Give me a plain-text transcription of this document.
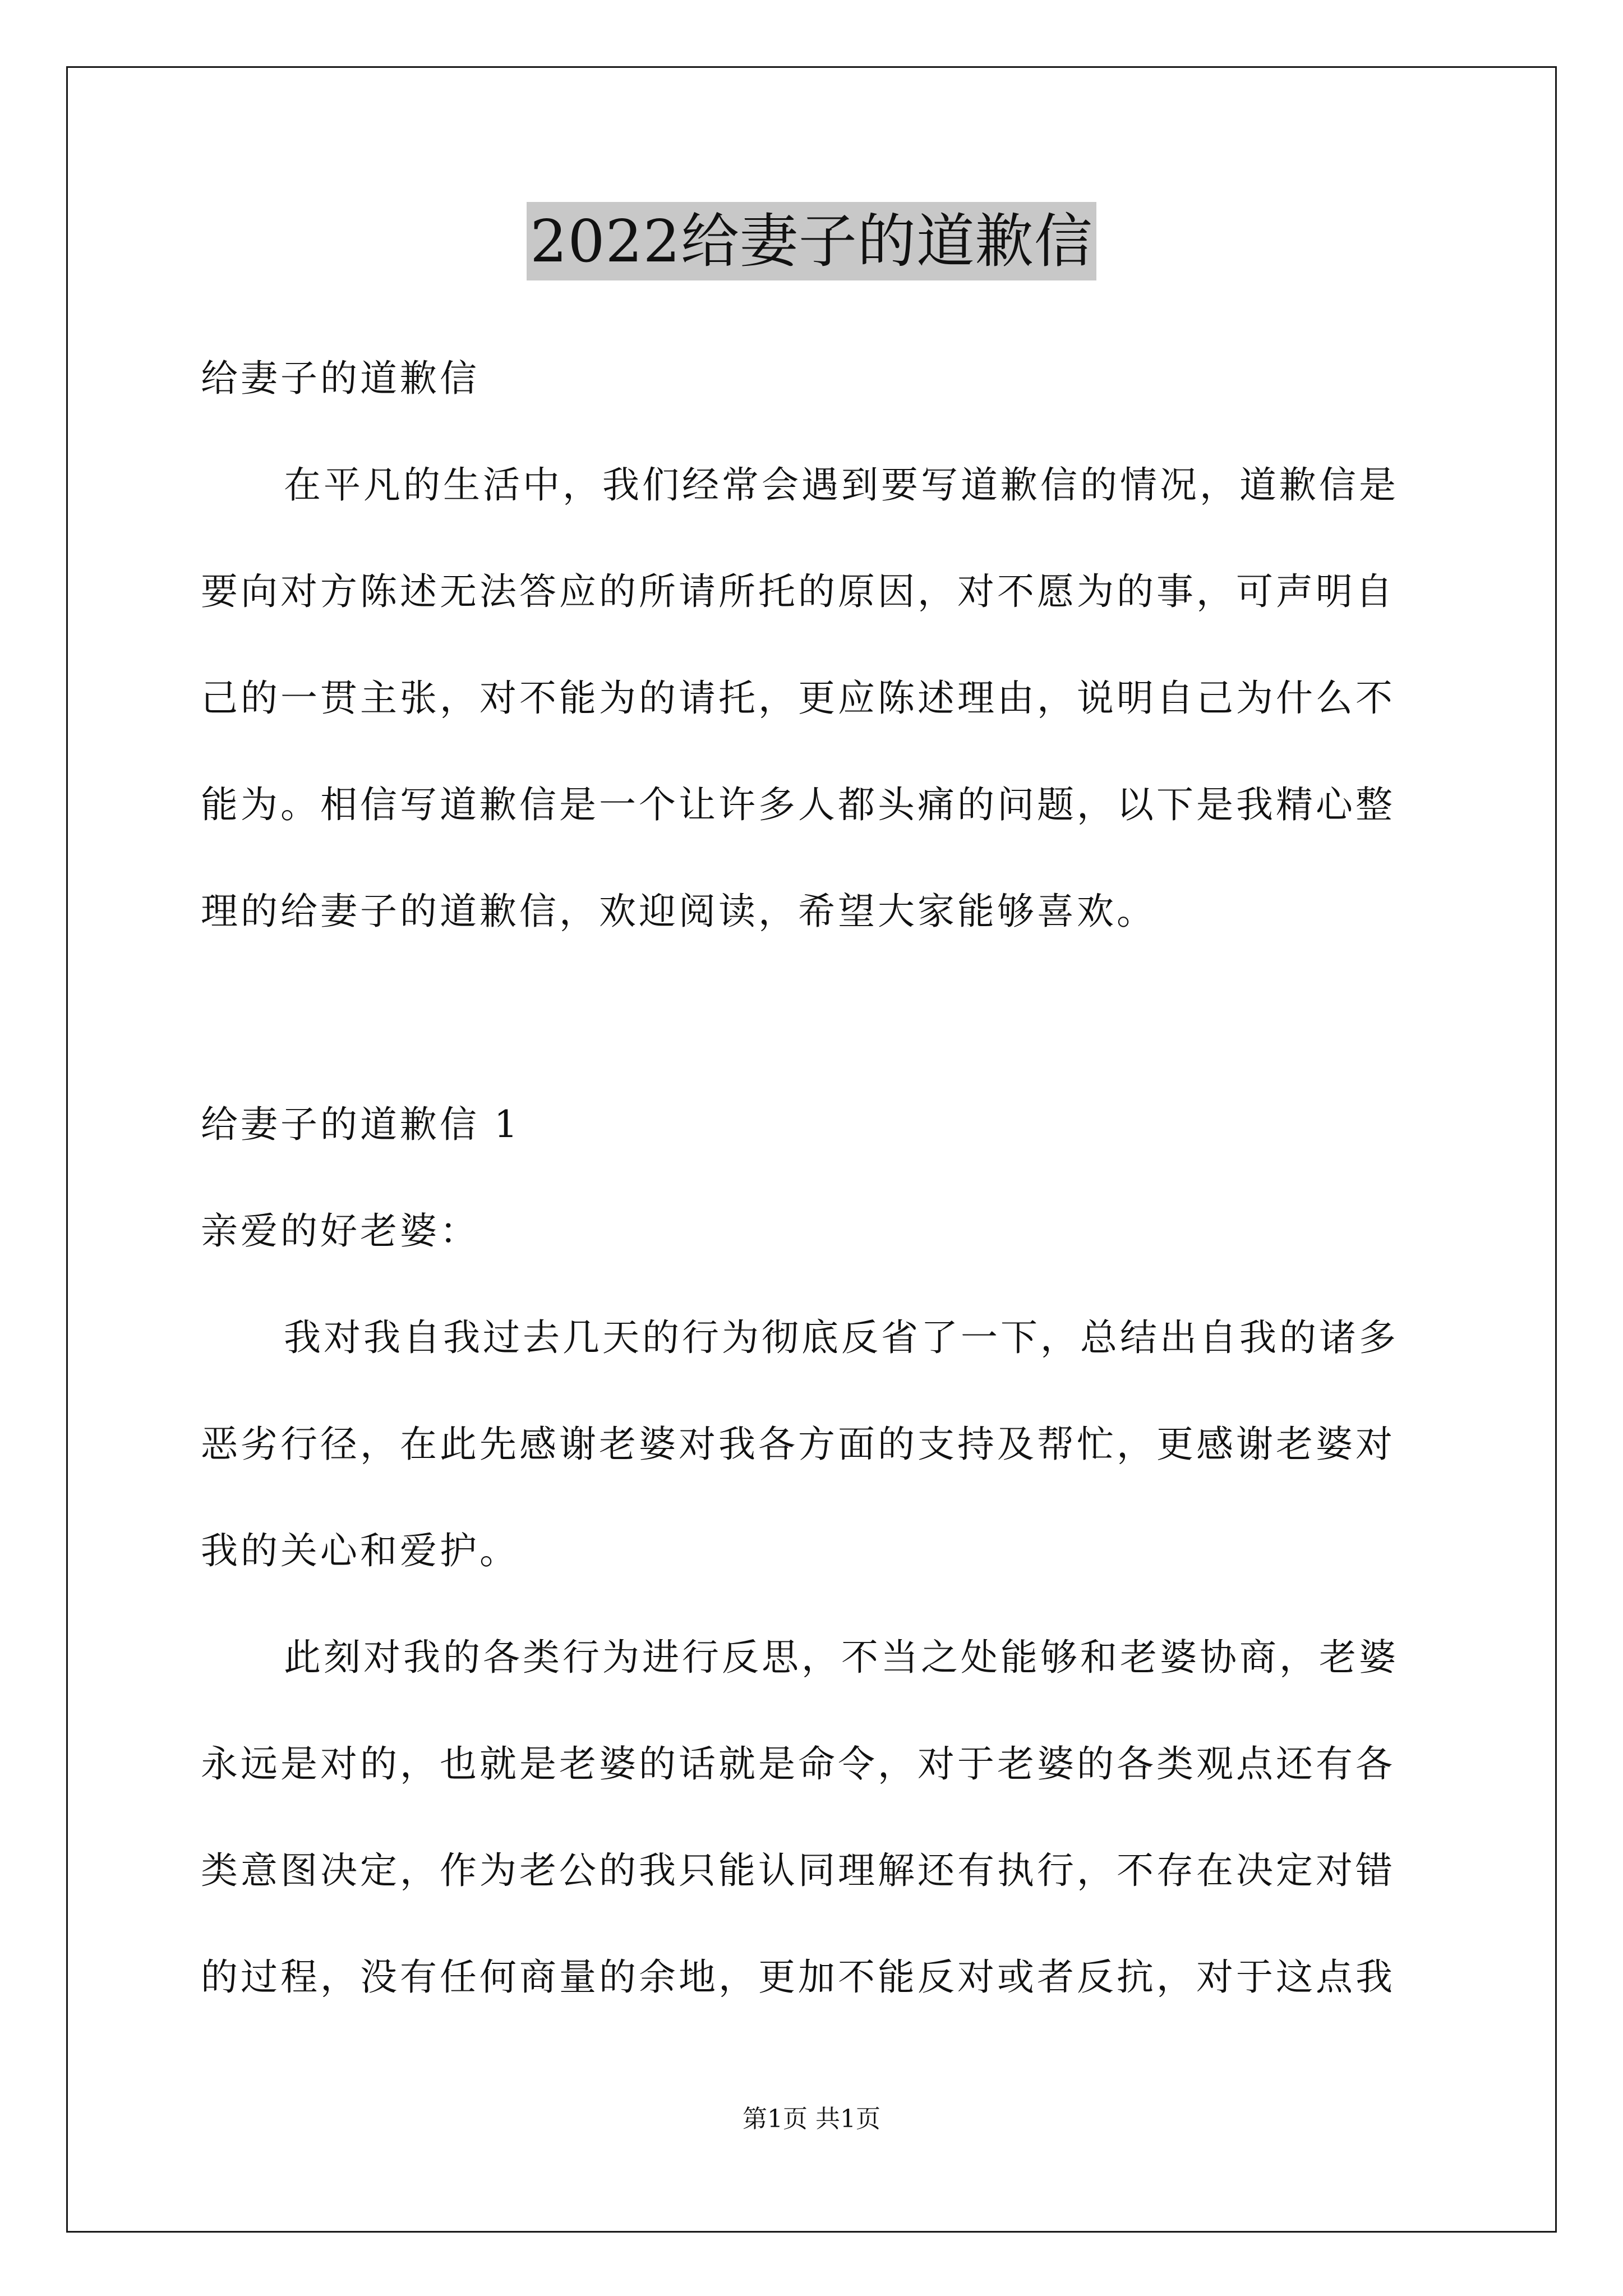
2022给妻子的道歉信
给妻子的道歉信
在平凡的生活中，我们经常会遇到要写道歉信的情况，道歉信是
要向对方陈述无法答应的所请所托的原因，对不愿为的事，可声明自
己的一贯主张，对不能为的请托，更应陈述理由，说明自己为什么不
能为。相信写道歉信是一个让许多人都头痛的问题，以下是我精心整
理的给妻子的道歉信，欢迎阅读，希望大家能够喜欢。
给妻子的道歉信 1
亲爱的好老婆：
我对我自我过去几天的行为彻底反省了一下，总结出自我的诸多
恶劣行径，在此先感谢老婆对我各方面的支持及帮忙，更感谢老婆对
我的关心和爱护。
此刻对我的各类行为进行反思，不当之处能够和老婆协商，老婆
永远是对的，也就是老婆的话就是命令，对于老婆的各类观点还有各
类意图决定，作为老公的我只能认同理解还有执行，不存在决定对错
的过程，没有任何商量的余地，更加不能反对或者反抗，对于这点我
第1页 共1页
